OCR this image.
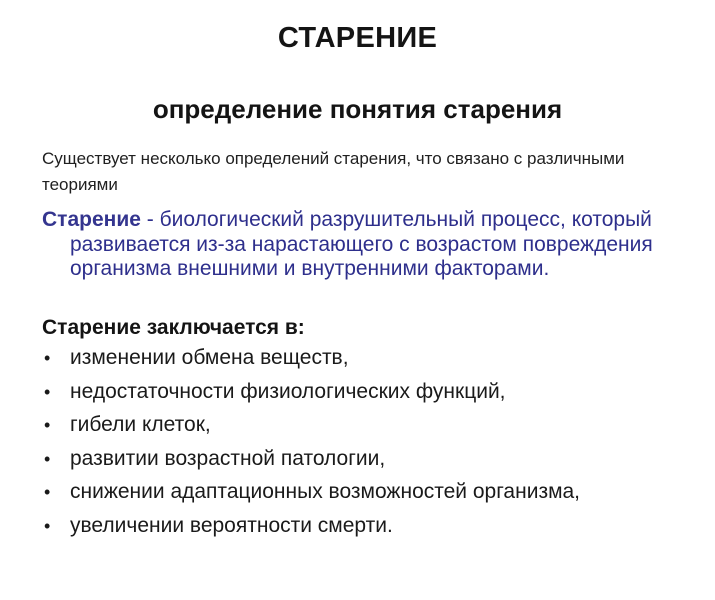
СТАРЕНИЕ
определение понятия старения
Существует несколько определений старения, что связано с различными теориями
Старение - биологический разрушительный процесс, который развивается из-за нарастающего с возрастом повреждения организма внешними и внутренними факторами.
Старение заключается в:
• изменении обмена веществ,
• недостаточности физиологических функций,
• гибели клеток,
• развитии возрастной патологии,
• снижении адаптационных возможностей организма,
• увеличении вероятности смерти.
